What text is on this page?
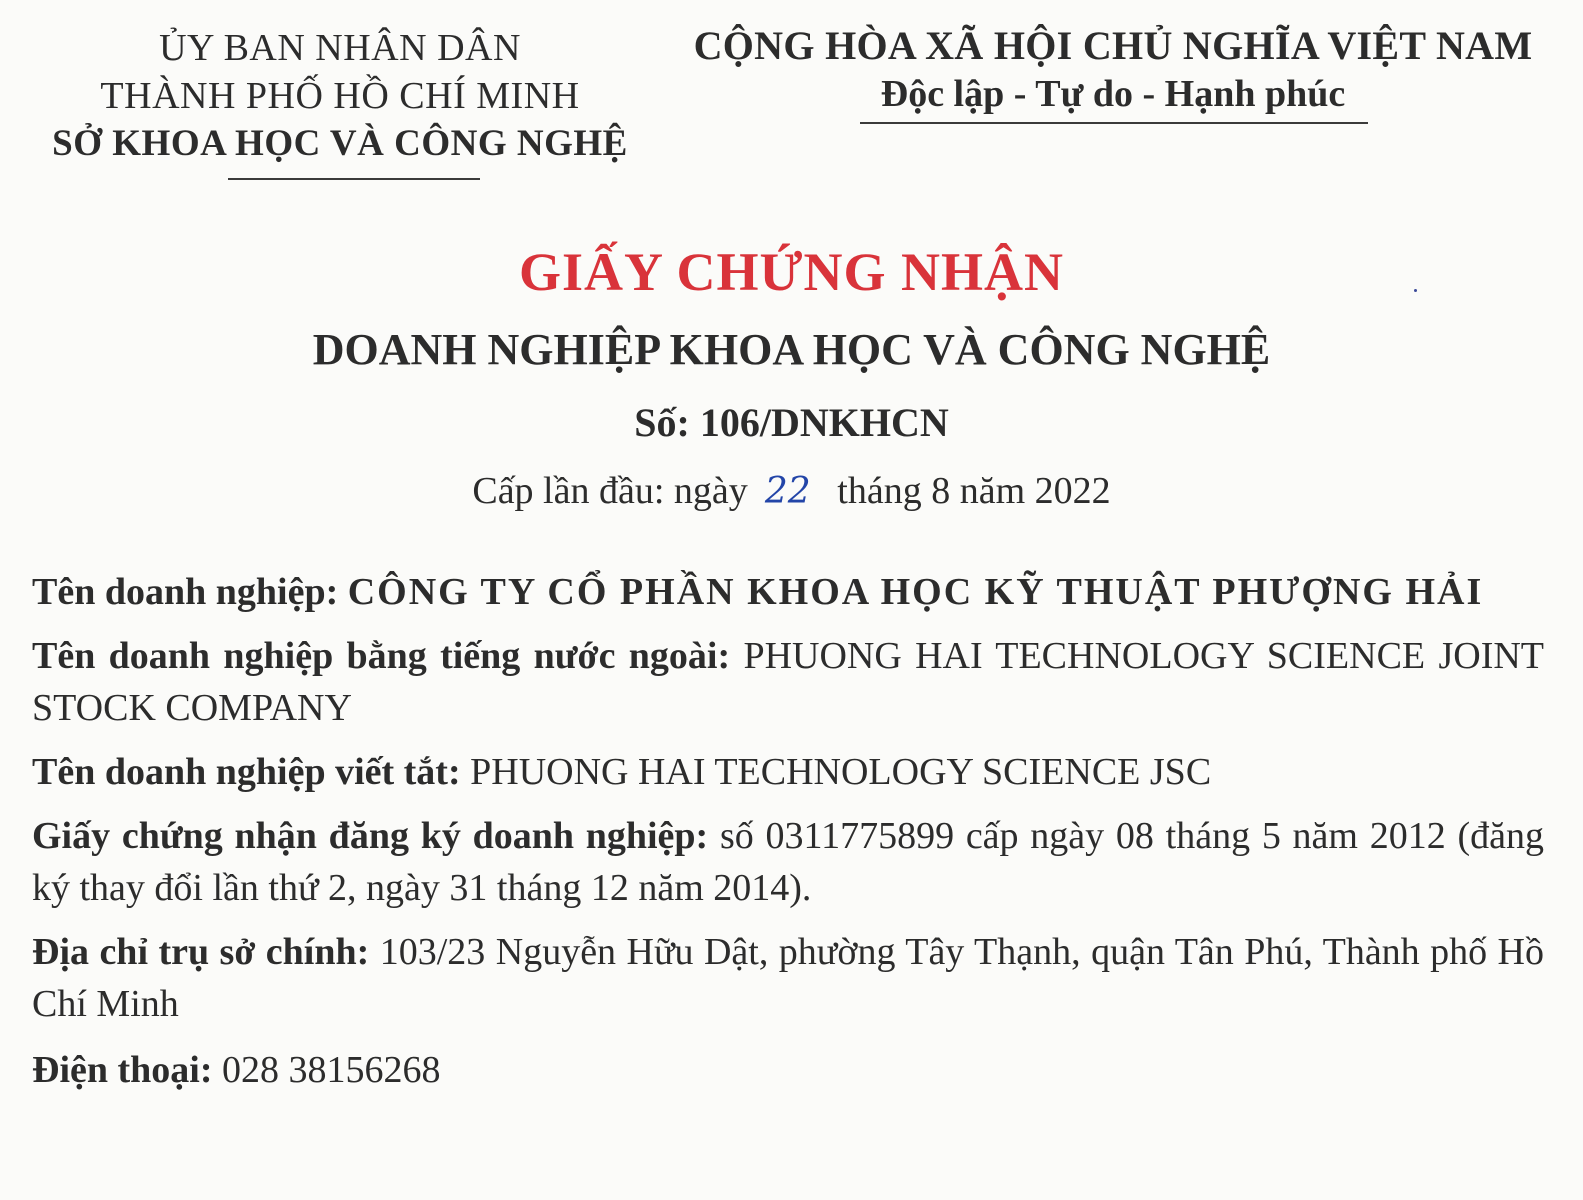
ỦY BAN NHÂN DÂN
THÀNH PHỐ HỒ CHÍ MINH
SỞ KHOA HỌC VÀ CÔNG NGHỆ
CỘNG HÒA XÃ HỘI CHỦ NGHĨA VIỆT NAM
Độc lập - Tự do - Hạnh phúc
GIẤY CHỨNG NHẬN
DOANH NGHIỆP KHOA HỌC VÀ CÔNG NGHỆ
Số: 106/DNKHCN
Cấp lần đầu: ngày 22 tháng 8 năm 2022

Tên doanh nghiệp: CÔNG TY CỔ PHẦN KHOA HỌC KỸ THUẬT PHƯỢNG HẢI

Tên doanh nghiệp bằng tiếng nước ngoài: PHUONG HAI TECHNOLOGY SCIENCE JOINT STOCK COMPANY

Tên doanh nghiệp viết tắt: PHUONG HAI TECHNOLOGY SCIENCE JSC

Giấy chứng nhận đăng ký doanh nghiệp: số 0311775899 cấp ngày 08 tháng 5 năm 2012 (đăng ký thay đổi lần thứ 2, ngày 31 tháng 12 năm 2014).

Địa chỉ trụ sở chính: 103/23 Nguyễn Hữu Dật, phường Tây Thạnh, quận Tân Phú, Thành phố Hồ Chí Minh

Điện thoại: 028 38156268
